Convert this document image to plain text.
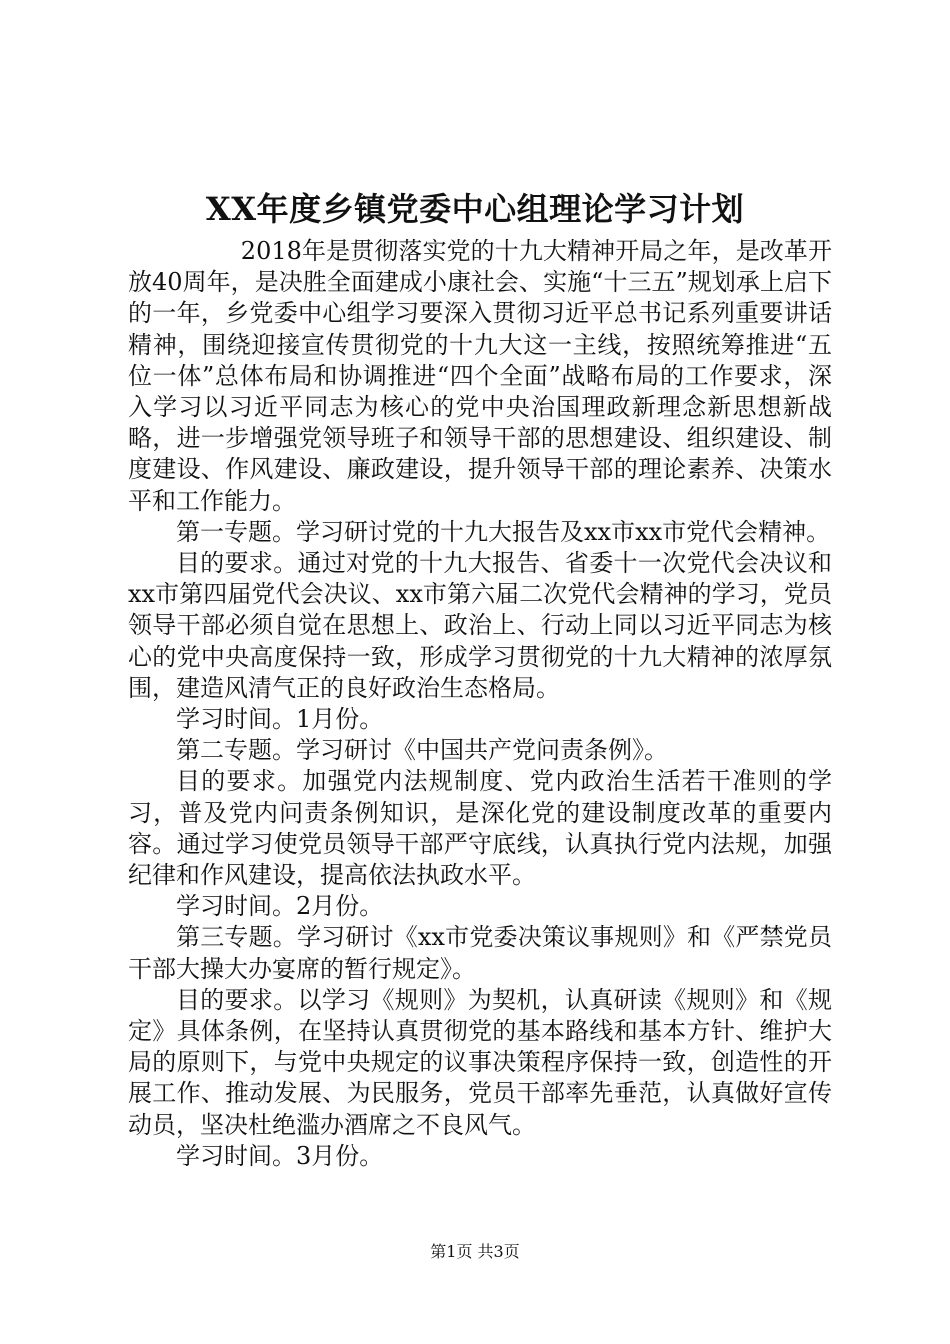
XX年度乡镇党委中心组理论学习计划

2018年是贯彻落实党的十九大精神开局之年，是改革开放40周年，是决胜全面建成小康社会、实施“十三五”规划承上启下的一年，乡党委中心组学习要深入贯彻习近平总书记系列重要讲话精神，围绕迎接宣传贯彻党的十九大这一主线，按照统筹推进“五位一体”总体布局和协调推进“四个全面”战略布局的工作要求，深入学习以习近平同志为核心的党中央治国理政新理念新思想新战略，进一步增强党领导班子和领导干部的思想建设、组织建设、制度建设、作风建设、廉政建设，提升领导干部的理论素养、决策水平和工作能力。

第一专题。学习研讨党的十九大报告及xx市xx市党代会精神。

目的要求。通过对党的十九大报告、省委十一次党代会决议和xx市第四届党代会决议、xx市第六届二次党代会精神的学习，党员领导干部必须自觉在思想上、政治上、行动上同以习近平同志为核心的党中央高度保持一致，形成学习贯彻党的十九大精神的浓厚氛围，建造风清气正的良好政治生态格局。

学习时间。1月份。

第二专题。学习研讨《中国共产党问责条例》。

目的要求。加强党内法规制度、党内政治生活若干准则的学习，普及党内问责条例知识，是深化党的建设制度改革的重要内容。通过学习使党员领导干部严守底线，认真执行党内法规，加强纪律和作风建设，提高依法执政水平。

学习时间。2月份。

第三专题。学习研讨《xx市党委决策议事规则》和《严禁党员干部大操大办宴席的暂行规定》。

目的要求。以学习《规则》为契机，认真研读《规则》和《规定》具体条例，在坚持认真贯彻党的基本路线和基本方针、维护大局的原则下，与党中央规定的议事决策程序保持一致，创造性的开展工作、推动发展、为民服务，党员干部率先垂范，认真做好宣传动员，坚决杜绝滥办酒席之不良风气。

学习时间。3月份。

第1页 共3页
